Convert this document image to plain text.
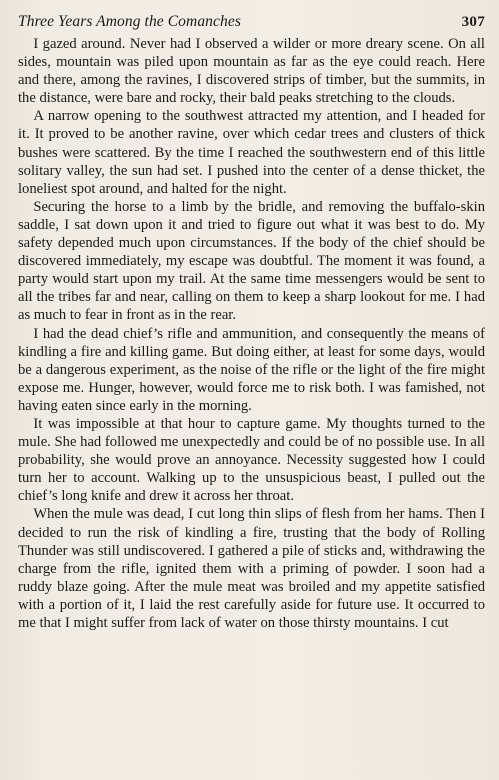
Three Years Among the Comanches	307

I gazed around. Never had I observed a wilder or more dreary scene. On all sides, mountain was piled upon mountain as far as the eye could reach. Here and there, among the ravines, I discovered strips of timber, but the summits, in the distance, were bare and rocky, their bald peaks stretching to the clouds.

A narrow opening to the southwest attracted my attention, and I headed for it. It proved to be another ravine, over which cedar trees and clusters of thick bushes were scattered. By the time I reached the southwestern end of this little solitary valley, the sun had set. I pushed into the center of a dense thicket, the loneliest spot around, and halted for the night.

Securing the horse to a limb by the bridle, and removing the buffalo-skin saddle, I sat down upon it and tried to figure out what it was best to do. My safety depended much upon circumstances. If the body of the chief should be discovered immediately, my escape was doubtful. The moment it was found, a party would start upon my trail. At the same time messengers would be sent to all the tribes far and near, calling on them to keep a sharp lookout for me. I had as much to fear in front as in the rear.

I had the dead chief’s rifle and ammunition, and consequently the means of kindling a fire and killing game. But doing either, at least for some days, would be a dangerous experiment, as the noise of the rifle or the light of the fire might expose me. Hunger, however, would force me to risk both. I was famished, not having eaten since early in the morning.

It was impossible at that hour to capture game. My thoughts turned to the mule. She had followed me unexpectedly and could be of no possible use. In all probability, she would prove an annoyance. Necessity suggested how I could turn her to account. Walking up to the unsuspicious beast, I pulled out the chief’s long knife and drew it across her throat.

When the mule was dead, I cut long thin slips of flesh from her hams. Then I decided to run the risk of kindling a fire, trusting that the body of Rolling Thunder was still undiscovered. I gathered a pile of sticks and, withdrawing the charge from the rifle, ignited them with a priming of powder. I soon had a ruddy blaze going. After the mule meat was broiled and my appetite satisfied with a portion of it, I laid the rest carefully aside for future use. It occurred to me that I might suffer from lack of water on those thirsty mountains. I cut
